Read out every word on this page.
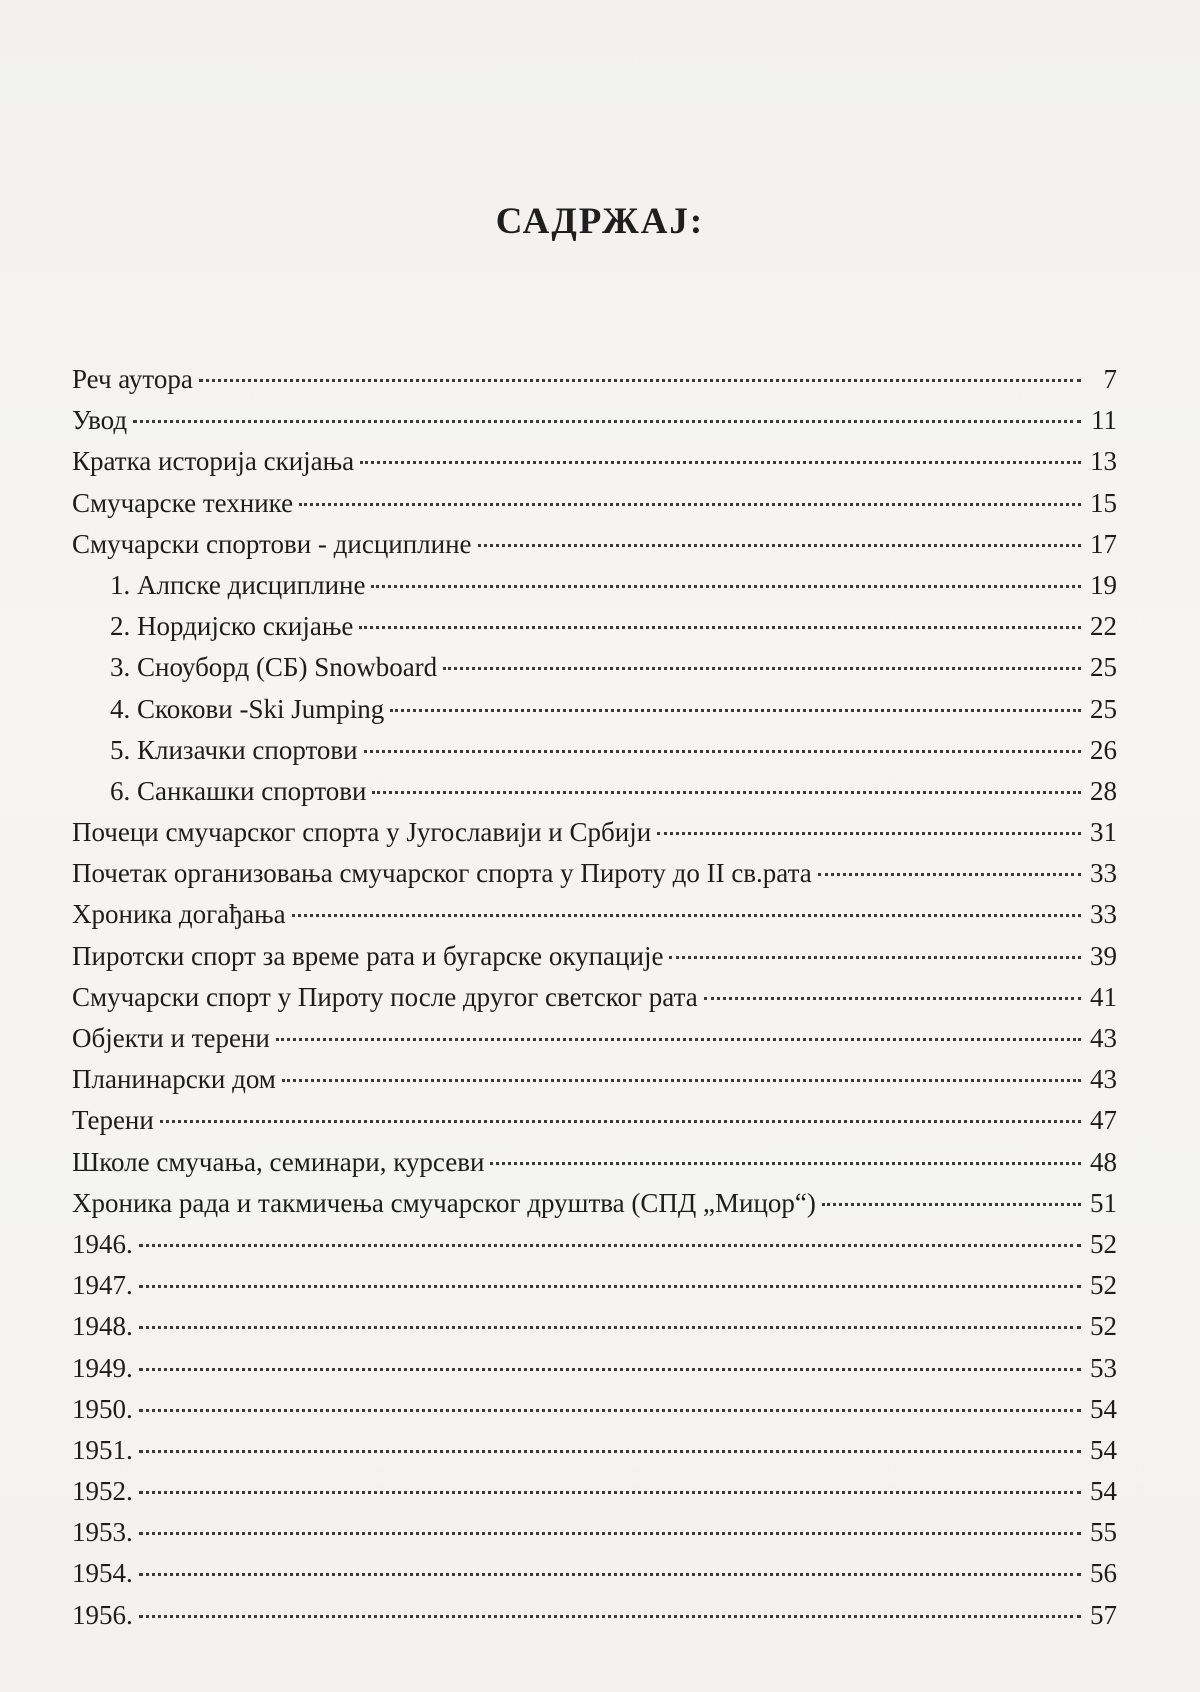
САДРЖАЈ:
Реч аутора	7
Увод	11
Кратка историја скијања	13
Смучарске технике	15
Смучарски спортови - дисциплине	17
1. Алпске дисциплине	19
2. Нордијско скијање	22
3. Сноуборд (СБ) Snowboard	25
4. Скокови -Ski Jumping	25
5. Клизачки спортови	26
6. Санкашки спортови	28
Почеци смучарског спорта у Југославији и Србији	31
Почетак организовања смучарског спорта у Пироту до II св.рата	33
Хроника догађања	33
Пиротски спорт за време рата и бугарске окупације	39
Смучарски спорт у Пироту после другог светског рата	41
Објекти и терени	43
Планинарски дом	43
Терени	47
Школе смучања, семинари, курсеви	48
Хроника рада и такмичења смучарског друштва (СПД „Мицор“)	51
1946.	52
1947.	52
1948.	52
1949.	53
1950.	54
1951.	54
1952.	54
1953.	55
1954.	56
1956.	57
